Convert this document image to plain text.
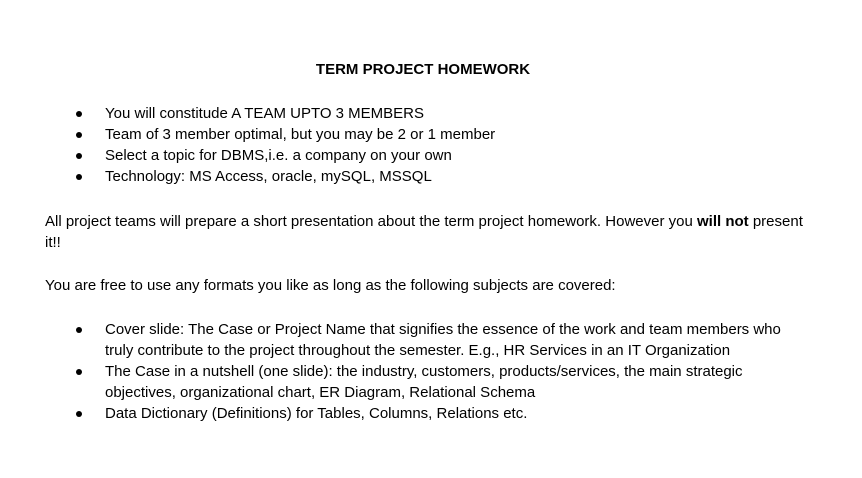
TERM PROJECT HOMEWORK
You will constitude A TEAM UPTO 3 MEMBERS
Team of 3 member optimal, but you may be 2 or 1 member
Select a topic for DBMS,i.e. a company on your own
Technology: MS Access, oracle, mySQL, MSSQL
All project teams will prepare a short presentation about the term project homework. However you will not present it!!
You are free to use any formats you like as long as the following subjects are covered:
Cover slide: The Case or Project Name that signifies the essence of the work and team members who truly contribute to the project throughout the semester. E.g., HR Services in an IT Organization
The Case in a nutshell (one slide): the industry, customers, products/services, the main strategic objectives, organizational chart, ER Diagram, Relational Schema
Data Dictionary (Definitions) for Tables, Columns, Relations etc.
